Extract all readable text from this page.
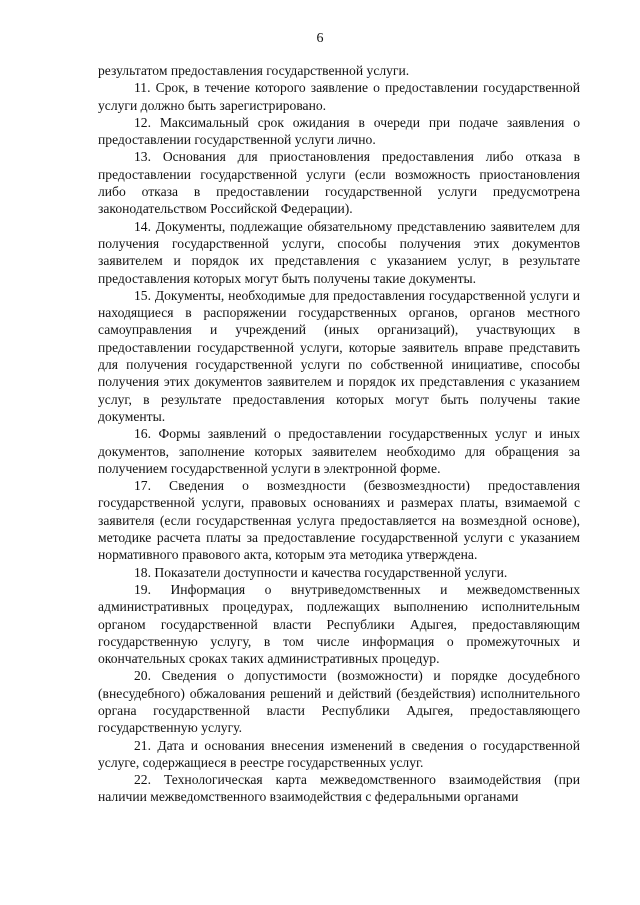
6

результатом предоставления государственной услуги.

11. Срок, в течение которого заявление о предоставлении государственной услуги должно быть зарегистрировано.

12. Максимальный срок ожидания в очереди при подаче заявления о предоставлении государственной услуги лично.

13. Основания для приостановления предоставления либо отказа в предоставлении государственной услуги (если возможность приостановления либо отказа в предоставлении государственной услуги предусмотрена законодательством Российской Федерации).

14. Документы, подлежащие обязательному представлению заявителем для получения государственной услуги, способы получения этих документов заявителем и порядок их представления с указанием услуг, в результате предоставления которых могут быть получены такие документы.

15. Документы, необходимые для предоставления государственной услуги и находящиеся в распоряжении государственных органов, органов местного самоуправления и учреждений (иных организаций), участвующих в предоставлении государственной услуги, которые заявитель вправе представить для получения государственной услуги по собственной инициативе, способы получения этих документов заявителем и порядок их представления с указанием услуг, в результате предоставления которых могут быть получены такие документы.

16. Формы заявлений о предоставлении государственных услуг и иных документов, заполнение которых заявителем необходимо для обращения за получением государственной услуги в электронной форме.

17. Сведения о возмездности (безвозмездности) предоставления государственной услуги, правовых основаниях и размерах платы, взимаемой с заявителя (если государственная услуга предоставляется на возмездной основе), методике расчета платы за предоставление государственной услуги с указанием нормативного правового акта, которым эта методика утверждена.

18. Показатели доступности и качества государственной услуги.

19. Информация о внутриведомственных и межведомственных административных процедурах, подлежащих выполнению исполнительным органом государственной власти Республики Адыгея, предоставляющим государственную услугу, в том числе информация о промежуточных и окончательных сроках таких административных процедур.

20. Сведения о допустимости (возможности) и порядке досудебного (внесудебного) обжалования решений и действий (бездействия) исполнительного органа государственной власти Республики Адыгея, предоставляющего государственную услугу.

21. Дата и основания внесения изменений в сведения о государственной услуге, содержащиеся в реестре государственных услуг.

22. Технологическая карта межведомственного взаимодействия (при наличии межведомственного взаимодействия с федеральными органами
